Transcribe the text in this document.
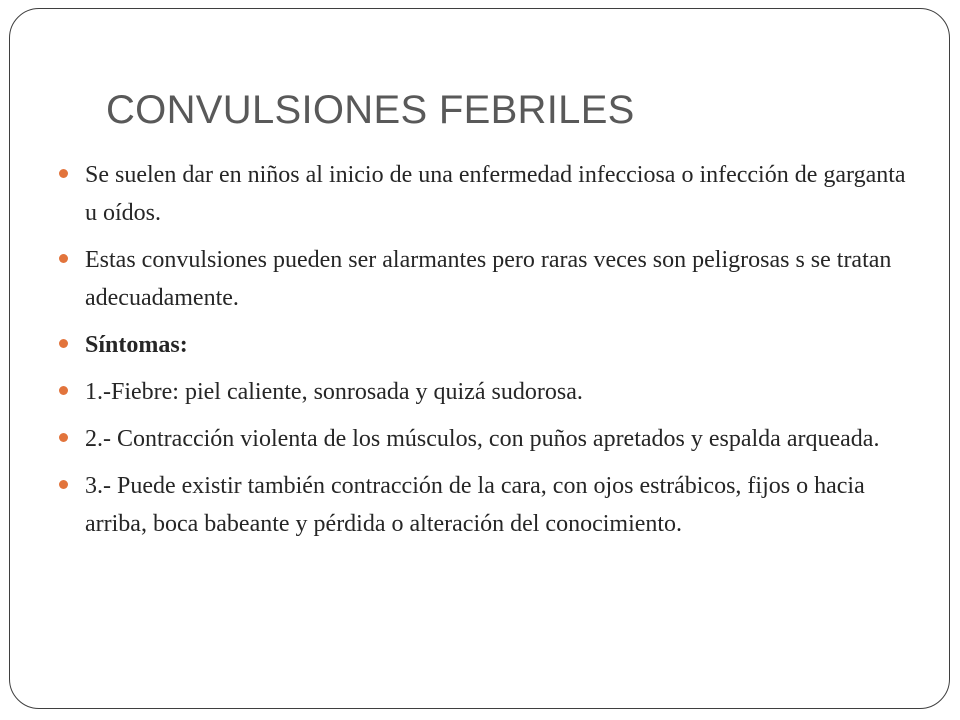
CONVULSIONES FEBRILES
Se suelen dar en niños al inicio de una enfermedad infecciosa o infección de garganta u oídos.
Estas convulsiones pueden ser alarmantes pero raras veces son peligrosas s se tratan adecuadamente.
Síntomas:
1.-Fiebre: piel caliente, sonrosada y quizá sudorosa.
2.- Contracción violenta de los músculos, con puños apretados y espalda arqueada.
3.- Puede existir también contracción de la cara, con ojos estrábicos, fijos o hacia arriba, boca babeante y pérdida o alteración del conocimiento.
